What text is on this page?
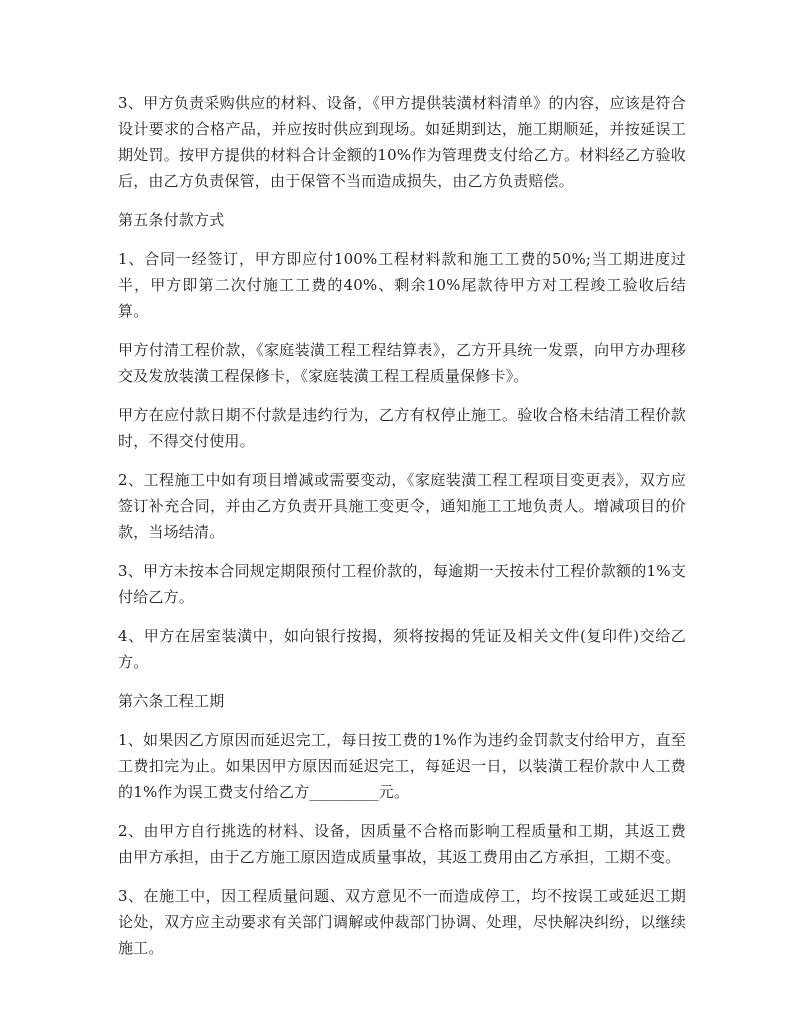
3、甲方负责采购供应的材料、设备，《甲方提供装潢材料清单》的内容，应该是符合设计要求的合格产品，并应按时供应到现场。如延期到达，施工期顺延，并按延误工期处罚。按甲方提供的材料合计金额的10%作为管理费支付给乙方。材料经乙方验收后，由乙方负责保管，由于保管不当而造成损失，由乙方负责赔偿。

第五条付款方式

1、合同一经签订，甲方即应付100%工程材料款和施工工费的50%;当工期进度过半，甲方即第二次付施工工费的40%、剩余10%尾款待甲方对工程竣工验收后结算。

甲方付清工程价款，《家庭装潢工程工程结算表》，乙方开具统一发票，向甲方办理移交及发放装潢工程保修卡，《家庭装潢工程工程质量保修卡》。

甲方在应付款日期不付款是违约行为，乙方有权停止施工。验收合格未结清工程价款时，不得交付使用。

2、工程施工中如有项目增减或需要变动，《家庭装潢工程工程项目变更表》，双方应签订补充合同，并由乙方负责开具施工变更令，通知施工工地负责人。增减项目的价款，当场结清。

3、甲方未按本合同规定期限预付工程价款的，每逾期一天按未付工程价款额的1%支付给乙方。

4、甲方在居室装潢中，如向银行按揭，须将按揭的凭证及相关文件(复印件)交给乙方。

第六条工程工期

1、如果因乙方原因而延迟完工，每日按工费的1%作为违约金罚款支付给甲方，直至工费扣完为止。如果因甲方原因而延迟完工，每延迟一日，以装潢工程价款中人工费的1%作为误工费支付给乙方_________元。

2、由甲方自行挑选的材料、设备，因质量不合格而影响工程质量和工期，其返工费由甲方承担，由于乙方施工原因造成质量事故，其返工费用由乙方承担，工期不变。

3、在施工中，因工程质量问题、双方意见不一而造成停工，均不按误工或延迟工期论处，双方应主动要求有关部门调解或仲裁部门协调、处理，尽快解决纠纷，以继续施工。
